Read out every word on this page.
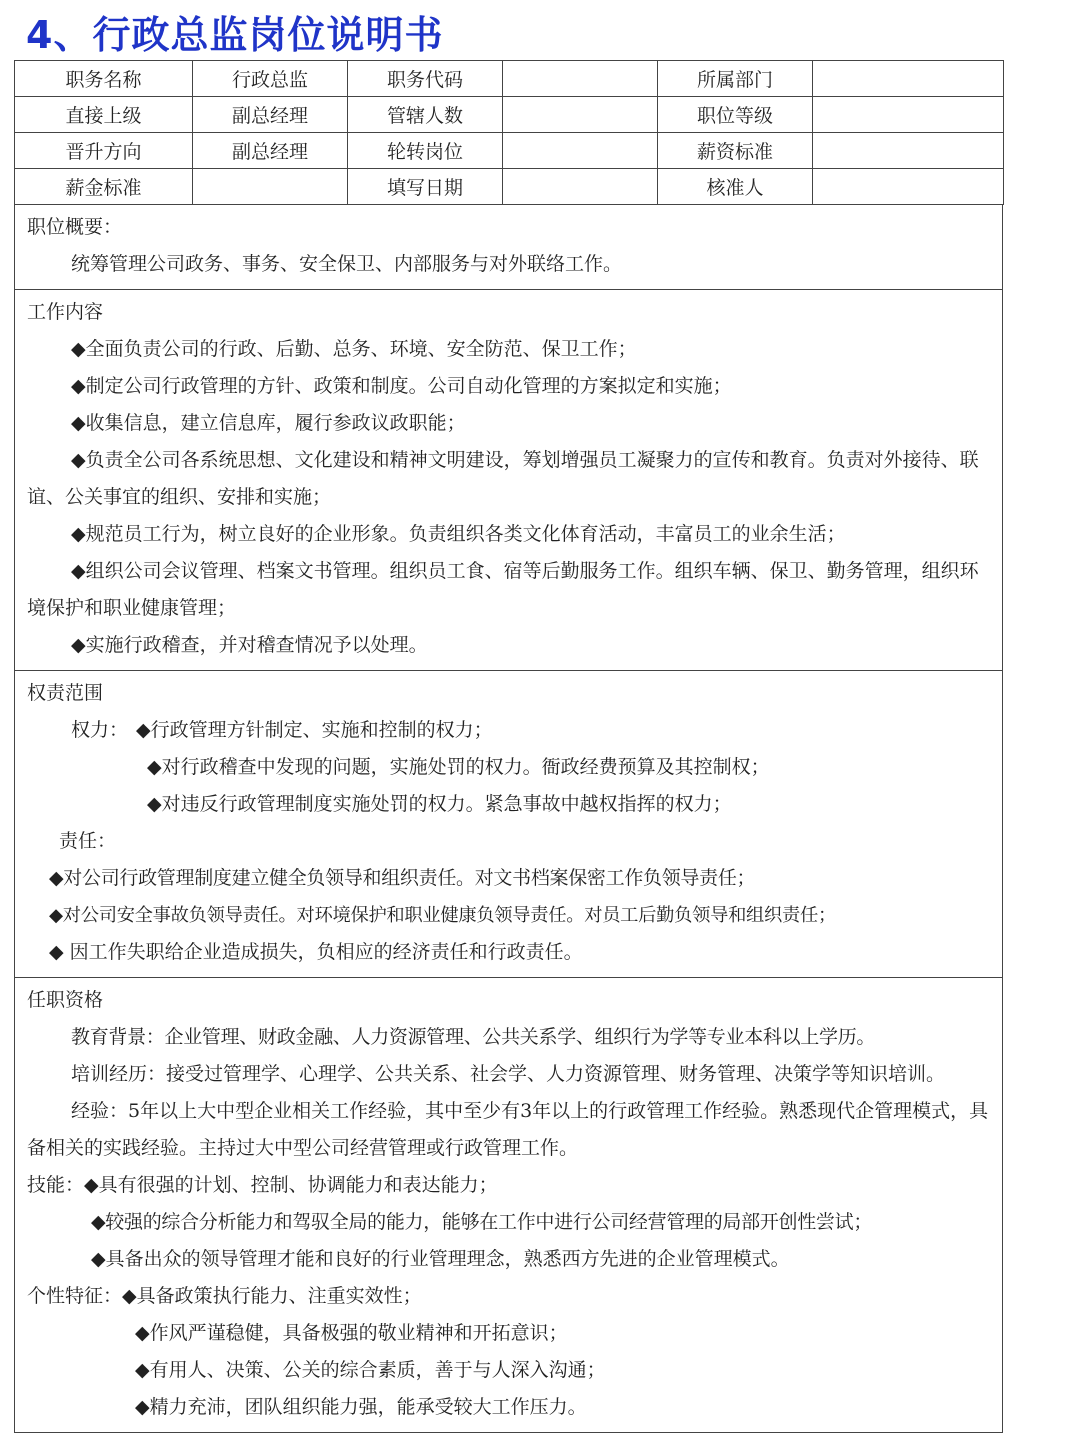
4、行政总监岗位说明书
职务名称	行政总监	职务代码		所属部门	
直接上级	副总经理	管辖人数		职位等级	
晋升方向	副总经理	轮转岗位		薪资标准	
薪金标准		填写日期		核准人	

职位概要：

统筹管理公司政务、事务、安全保卫、内部服务与对外联络工作。

工作内容

◆全面负责公司的行政、后勤、总务、环境、安全防范、保卫工作；

◆制定公司行政管理的方针、政策和制度。公司自动化管理的方案拟定和实施；

◆收集信息，建立信息库，履行参政议政职能；

◆负责全公司各系统思想、文化建设和精神文明建设，筹划增强员工凝聚力的宣传和教育。负责对外接待、联谊、公关事宜的组织、安排和实施；

◆规范员工行为，树立良好的企业形象。负责组织各类文化体育活动，丰富员工的业余生活；

◆组织公司会议管理、档案文书管理。组织员工食、宿等后勤服务工作。组织车辆、保卫、勤务管理，组织环境保护和职业健康管理；

◆实施行政稽查，并对稽查情况予以处理。

权责范围

权力： ◆行政管理方针制定、实施和控制的权力；

◆对行政稽查中发现的问题，实施处罚的权力。衙政经费预算及其控制权；

◆对违反行政管理制度实施处罚的权力。紧急事故中越权指挥的权力；

责任：

◆对公司行政管理制度建立健全负领导和组织责任。对文书档案保密工作负领导责任；

◆对公司安全事故负领导责任。对环境保护和职业健康负领导责任。对员工后勤负领导和组织责任；

◆ 因工作失职给企业造成损失，负相应的经济责任和行政责任。

任职资格

教育背景：企业管理、财政金融、人力资源管理、公共关系学、组织行为学等专业本科以上学历。

培训经历：接受过管理学、心理学、公共关系、社会学、人力资源管理、财务管理、决策学等知识培训。

经验：5年以上大中型企业相关工作经验，其中至少有3年以上的行政管理工作经验。熟悉现代企管理模式，具备相关的实践经验。主持过大中型公司经营管理或行政管理工作。

技能：◆具有很强的计划、控制、协调能力和表达能力；

◆较强的综合分析能力和驾驭全局的能力，能够在工作中进行公司经营管理的局部开创性尝试；

◆具备出众的领导管理才能和良好的行业管理理念，熟悉西方先进的企业管理模式。

个性特征：◆具备政策执行能力、注重实效性；

◆作风严谨稳健，具备极强的敬业精神和开拓意识；

◆有用人、决策、公关的综合素质，善于与人深入沟通；

◆精力充沛，团队组织能力强，能承受较大工作压力。
